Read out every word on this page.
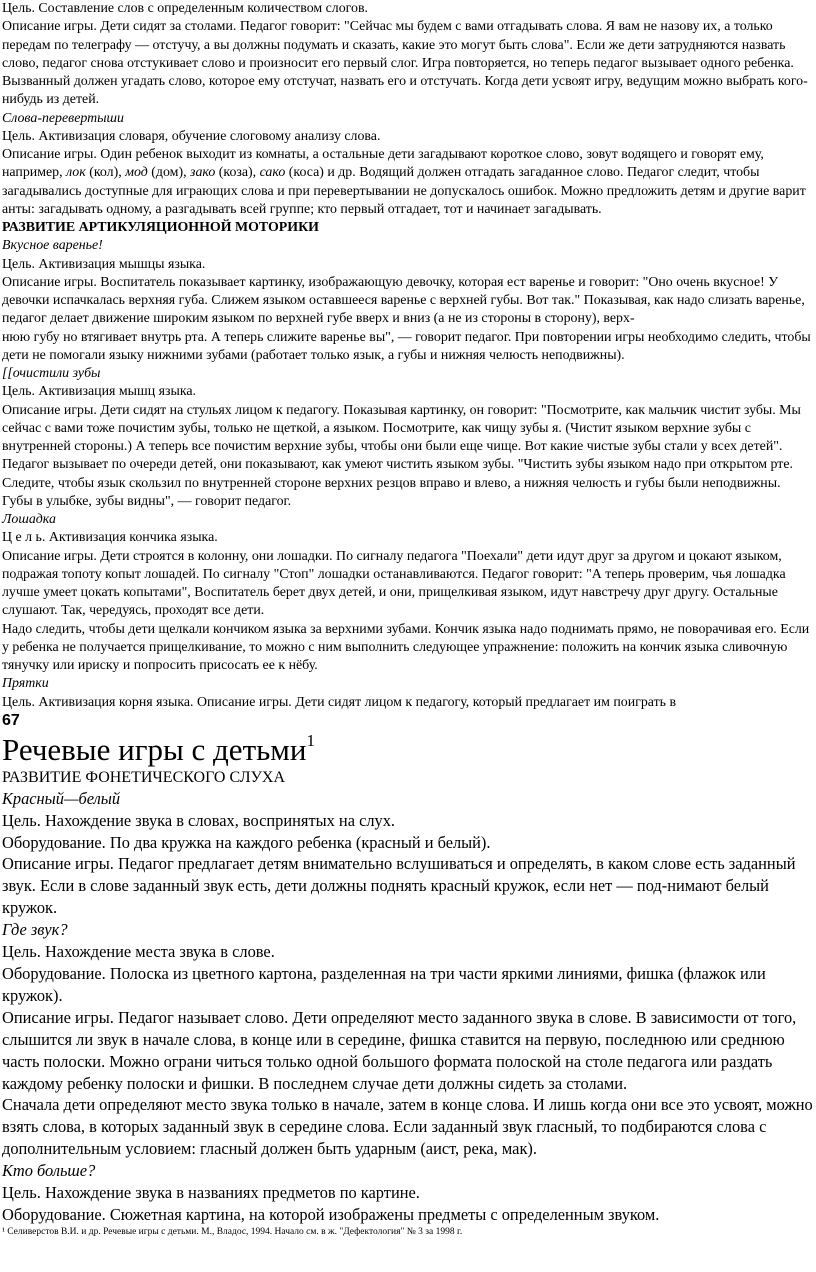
Цель. Составление слов с определенным количеством слогов.

Описание игры. Дети сидят за столами. Педагог говорит: "Сейчас мы будем с вами отгадывать слова. Я вам не назову их, а только передам по телеграфу — отстучу, а вы должны подумать и сказать, какие это могут быть слова". Если же дети затрудняются назвать слово, педагог снова отстукивает слово и произносит его первый слог. Игра повторяется, но теперь педагог вызывает одного ребенка. Вызванный должен угадать слово, которое ему отстучат, назвать его и отстучать. Когда дети усвоят игру, ведущим можно выбрать кого-нибудь из детей.

Слова-перевертыши

Цель. Активизация словаря, обучение слоговому анализу слова.

Описание игры. Один ребенок выходит из комнаты, а остальные дети загадывают короткое слово, зовут водящего и говорят ему, например, лок (кол), мод (дом), зако (коза), сако (коса) и др. Водящий должен отгадать загаданное слово. Педагог следит, чтобы загадывались доступные для играющих слова и при перевертывании не допускалось ошибок. Можно предложить детям и другие варит анты: загадывать одному, а разгадывать всей группе; кто первый отгадает, тот и начинает загадывать.

РАЗВИТИЕ АРТИКУЛЯЦИОННОЙ МОТОРИКИ

Вкусное варенье!

Цель. Активизация мышцы языка.

Описание игры. Воспитатель показывает картинку, изображающую девочку, которая ест варенье и говорит: "Оно очень вкусное! У девочки испачкалась верхняя губа. Слижем языком оставшееся варенье с верхней губы. Вот так." Показывая, как надо слизать варенье, педагог делает движение широким языком по верхней губе вверх и вниз (а не из стороны в сторону), верх-

нюю губу но втягивает внутрь рта. А теперь слижите варенье вы", — говорит педагог. При повторении игры необходимо следить, чтобы дети не помогали языку нижними зубами (работает только язык, а губы и нижняя челюсть неподвижны).

[[очистили зубы

Цель. Активизация мышц языка.

Описание игры. Дети сидят на стульях лицом к педагогу. Показывая картинку, он говорит: "Посмотрите, как мальчик чистит зубы. Мы сейчас с вами тоже почистим зубы, только не щеткой, а языком. Посмотрите, как чищу зубы я. (Чистит языком верхние зубы с внутренней стороны.) А теперь все почистим верхние зубы, чтобы они были еще чище. Вот какие чистые зубы стали у всех детей".

Педагог вызывает по очереди детей, они показывают, как умеют чистить языком зубы. "Чистить зубы языком надо при открытом рте. Следите, чтобы язык скользил по внутренней стороне верхних резцов вправо и влево, а нижняя челюсть и губы были неподвижны. Губы в улыбке, зубы видны", — говорит педагог.

Лошадка

Ц е л ь. Активизация кончика языка.

Описание игры. Дети строятся в колонну, они лошадки. По сигналу педагога "Поехали" дети идут друг за другом и цокают языком, подражая топоту копыт лошадей. По сигналу "Стоп" лошадки останавливаются. Педагог говорит: "А теперь проверим, чья лошадка лучше умеет цокать копытами", Воспитатель берет двух детей, и они, прищелкивая языком, идут навстречу друг другу. Остальные слушают. Так, чередуясь, проходят все дети.

Надо следить, чтобы дети щелкали кончиком языка за верхними зубами. Кончик языка надо поднимать прямо, не поворачивая его. Если у ребенка не получается прищелкивание, то можно с ним выполнить следующее упражнение: положить на кончик языка сливочную тянучку или ириску и попросить присосать ее к нёбу.

Прятки

Цель. Активизация корня языка. Описание игры. Дети сидят лицом к педагогу, который предлагает им поиграть в

67

Речевые игры с детьми$^1$

РАЗВИТИЕ ФОНЕТИЧЕСКОГО СЛУХА

Красный—белый

Цель. Нахождение звука в словах, воспринятых на слух.

Оборудование. По два кружка на каждого ребенка (красный и белый).

Описание игры. Педагог предлагает детям внимательно вслушиваться и определять, в каком слове есть заданный звук. Если в слове заданный звук есть, дети должны поднять красный кружок, если нет — под-нимают белый кружок.

Где звук?

Цель. Нахождение места звука в слове.

Оборудование. Полоска из цветного картона, разделенная на три части яркими линиями, фишка (флажок или кружок).

Описание игры. Педагог называет слово. Дети определяют место заданного звука в слове. В зависимости от того, слышится ли звук в начале слова, в конце или в середине, фишка ставится на первую, последнюю или среднюю часть полоски. Можно ограни читься только одной большого формата полоской на столе педагога или раздать каждому ребенку полоски и фишки. В последнем случае дети должны сидеть за столами.

Сначала дети определяют место звука только в начале, затем в конце слова. И лишь когда они все это усвоят, можно взять слова, в которых заданный звук в середине слова. Если заданный звук гласный, то подбираются слова с дополнительным условием: гласный должен быть ударным (аист, река, мак).

Кто больше?

Цель. Нахождение звука в названиях предметов по картине.

Оборудование. Сюжетная картина, на которой изображены предметы с определенным звуком.

¹ Селиверстов В.И. и др. Речевые игры с детьми. М., Владос, 1994. Начало см. в ж. "Дефектология" № 3 за 1998 г.
